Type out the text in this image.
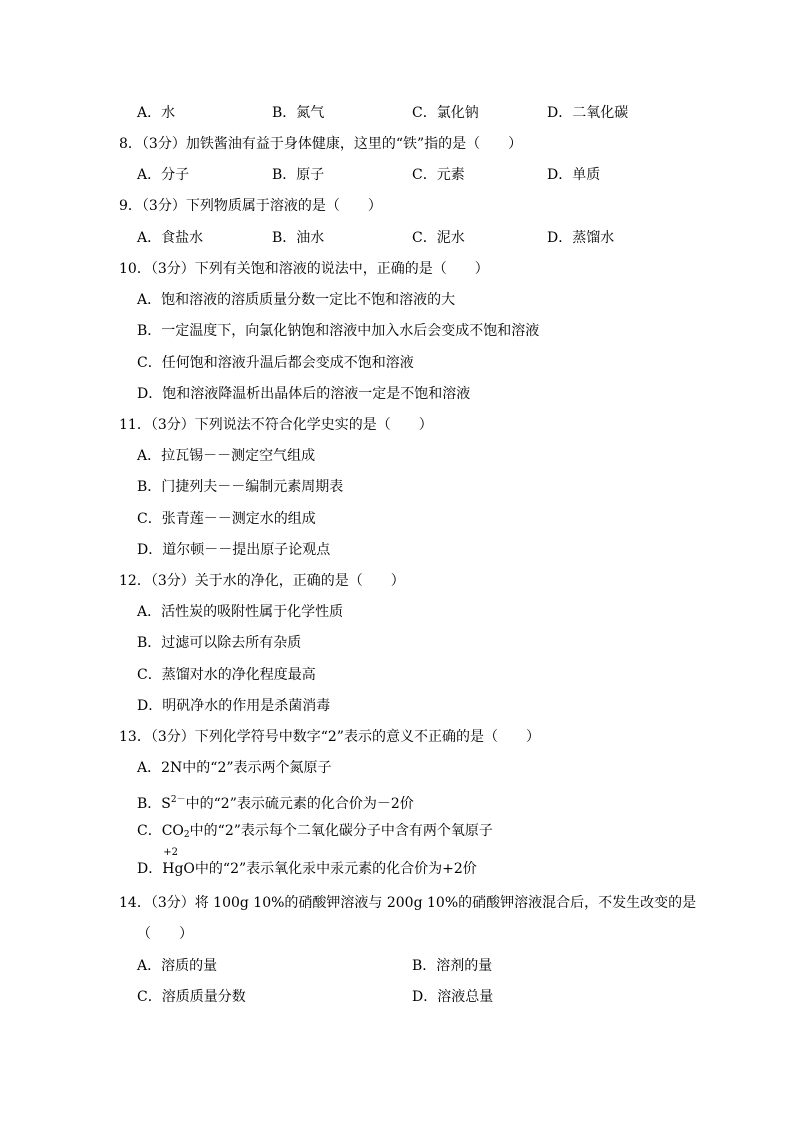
A．水	B．氮气	C．氯化钠	D．二氧化碳
8．（3分）加铁酱油有益于身体健康，这里的“铁”指的是（　　）
A．分子	B．原子	C．元素	D．单质
9．（3分）下列物质属于溶液的是（　　）
A．食盐水	B．油水	C．泥水	D．蒸馏水
10．（3分）下列有关饱和溶液的说法中，正确的是（　　）
A．饱和溶液的溶质质量分数一定比不饱和溶液的大
B．一定温度下，向氯化钠饱和溶液中加入水后会变成不饱和溶液
C．任何饱和溶液升温后都会变成不饱和溶液
D．饱和溶液降温析出晶体后的溶液一定是不饱和溶液
11．（3分）下列说法不符合化学史实的是（　　）
A．拉瓦锡－－测定空气组成
B．门捷列夫－－编制元素周期表
C．张青莲－－测定水的组成
D．道尔顿－－提出原子论观点
12．（3分）关于水的净化，正确的是（　　）
A．活性炭的吸附性属于化学性质
B．过滤可以除去所有杂质
C．蒸馏对水的净化程度最高
D．明矾净水的作用是杀菌消毒
13．（3分）下列化学符号中数字“2”表示的意义不正确的是（　　）
A．2N中的“2”表示两个氮原子
B．$S^{2-}$中的“2”表示硫元素的化合价为－2价
C．$CO_2$中的“2”表示每个二氧化碳分子中含有两个氧原子
D．
+2
HgO中的“2”表示氧化汞中汞元素的化合价为+2价
14．（3分）将 100g 10%的硝酸钾溶液与 200g 10%的硝酸钾溶液混合后，不发生改变的是
（　　）
A．溶质的量	B．溶剂的量
C．溶质质量分数	D．溶液总量
